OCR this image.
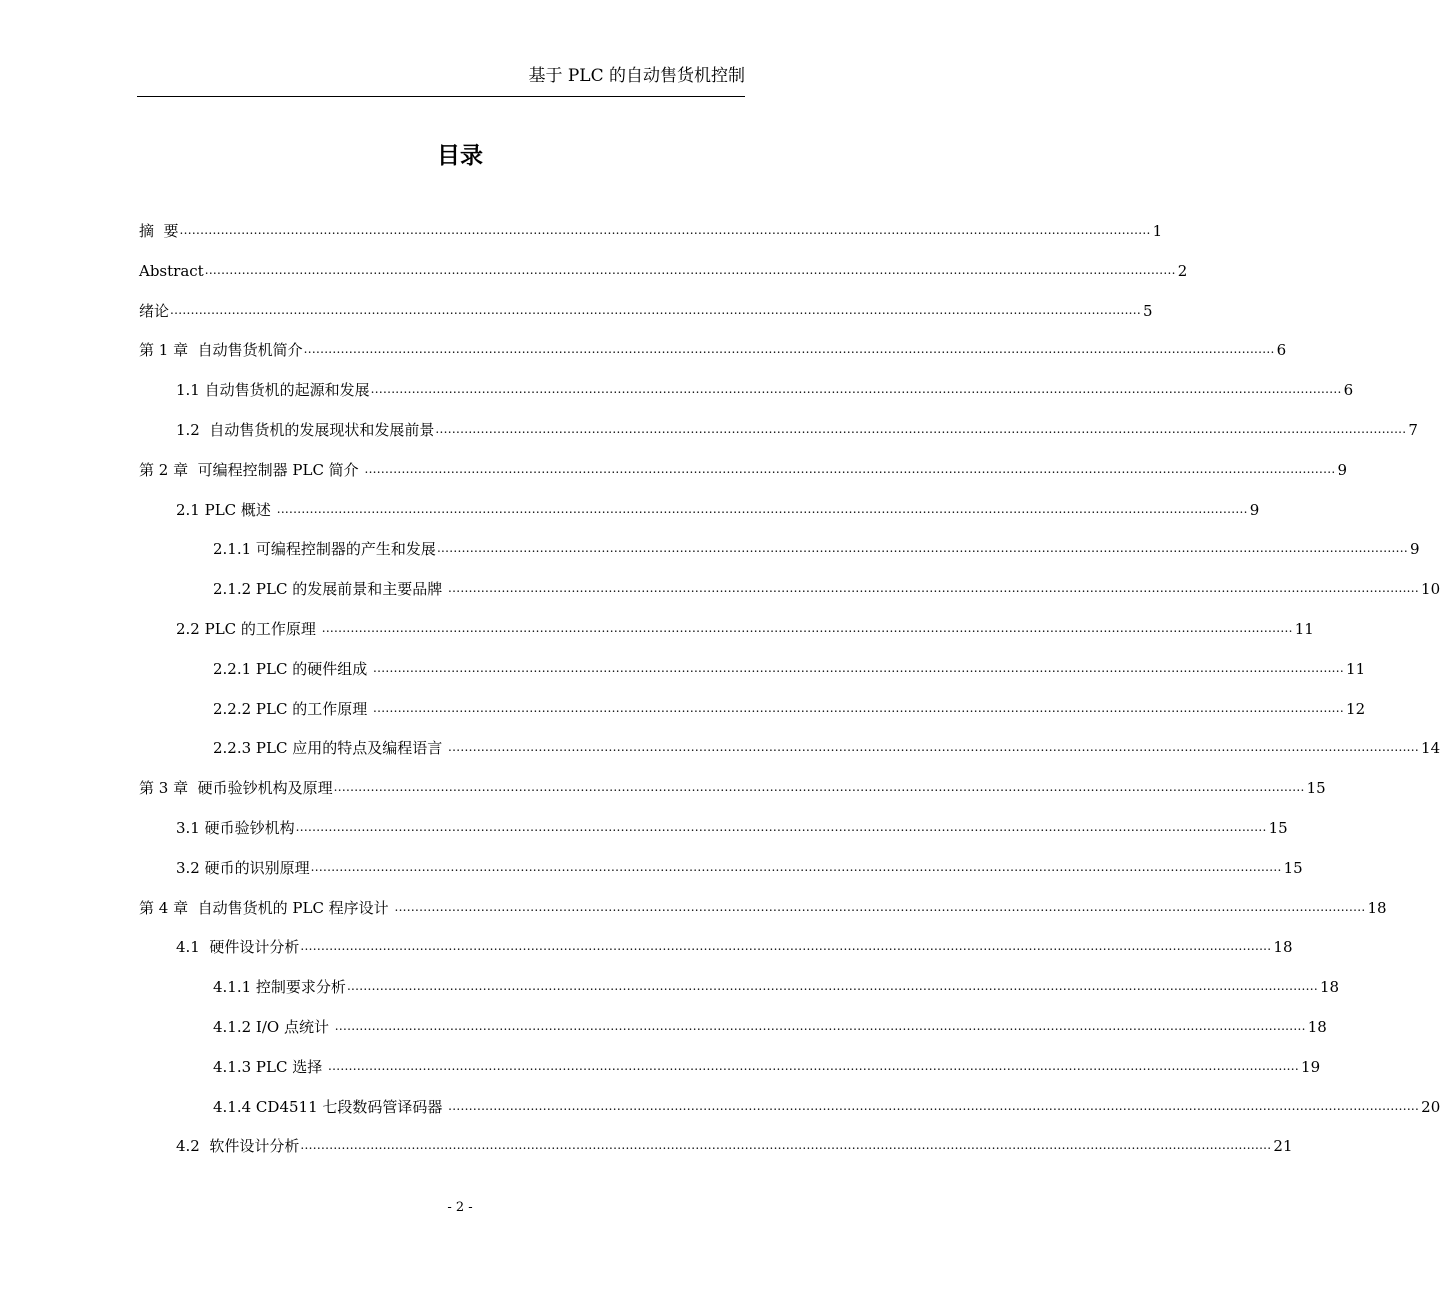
基于 PLC 的自动售货机控制
目录
摘  要 ............................................................................................................................................................................................................................................ 1
Abstract ............................................................................................................................................................................................................................................ 2
绪论 ............................................................................................................................................................................................................................................ 5
第 1 章  自动售货机简介 ............................................................................................................................................................................................................................................ 6
1.1 自动售货机的起源和发展 ............................................................................................................................................................................................................................................ 6
1.2  自动售货机的发展现状和发展前景 ............................................................................................................................................................................................................................................ 7
第 2 章  可编程控制器 PLC 简介 ............................................................................................................................................................................................................................................ 9
2.1 PLC 概述 ............................................................................................................................................................................................................................................ 9
2.1.1 可编程控制器的产生和发展 ............................................................................................................................................................................................................................................ 9
2.1.2 PLC 的发展前景和主要品牌 ............................................................................................................................................................................................................................................ 10
2.2 PLC 的工作原理 ............................................................................................................................................................................................................................................ 11
2.2.1 PLC 的硬件组成 ............................................................................................................................................................................................................................................ 11
2.2.2 PLC 的工作原理 ............................................................................................................................................................................................................................................ 12
2.2.3 PLC 应用的特点及编程语言 ............................................................................................................................................................................................................................................ 14
第 3 章  硬币验钞机构及原理 ............................................................................................................................................................................................................................................ 15
3.1 硬币验钞机构 ............................................................................................................................................................................................................................................ 15
3.2 硬币的识别原理 ............................................................................................................................................................................................................................................ 15
第 4 章  自动售货机的 PLC 程序设计 ............................................................................................................................................................................................................................................ 18
4.1  硬件设计分析 ............................................................................................................................................................................................................................................ 18
4.1.1 控制要求分析 ............................................................................................................................................................................................................................................ 18
4.1.2 I/O 点统计 ............................................................................................................................................................................................................................................ 18
4.1.3 PLC 选择 ............................................................................................................................................................................................................................................ 19
4.1.4 CD4511 七段数码管译码器 ............................................................................................................................................................................................................................................ 20
4.2  软件设计分析 ............................................................................................................................................................................................................................................ 21
- 2 -
